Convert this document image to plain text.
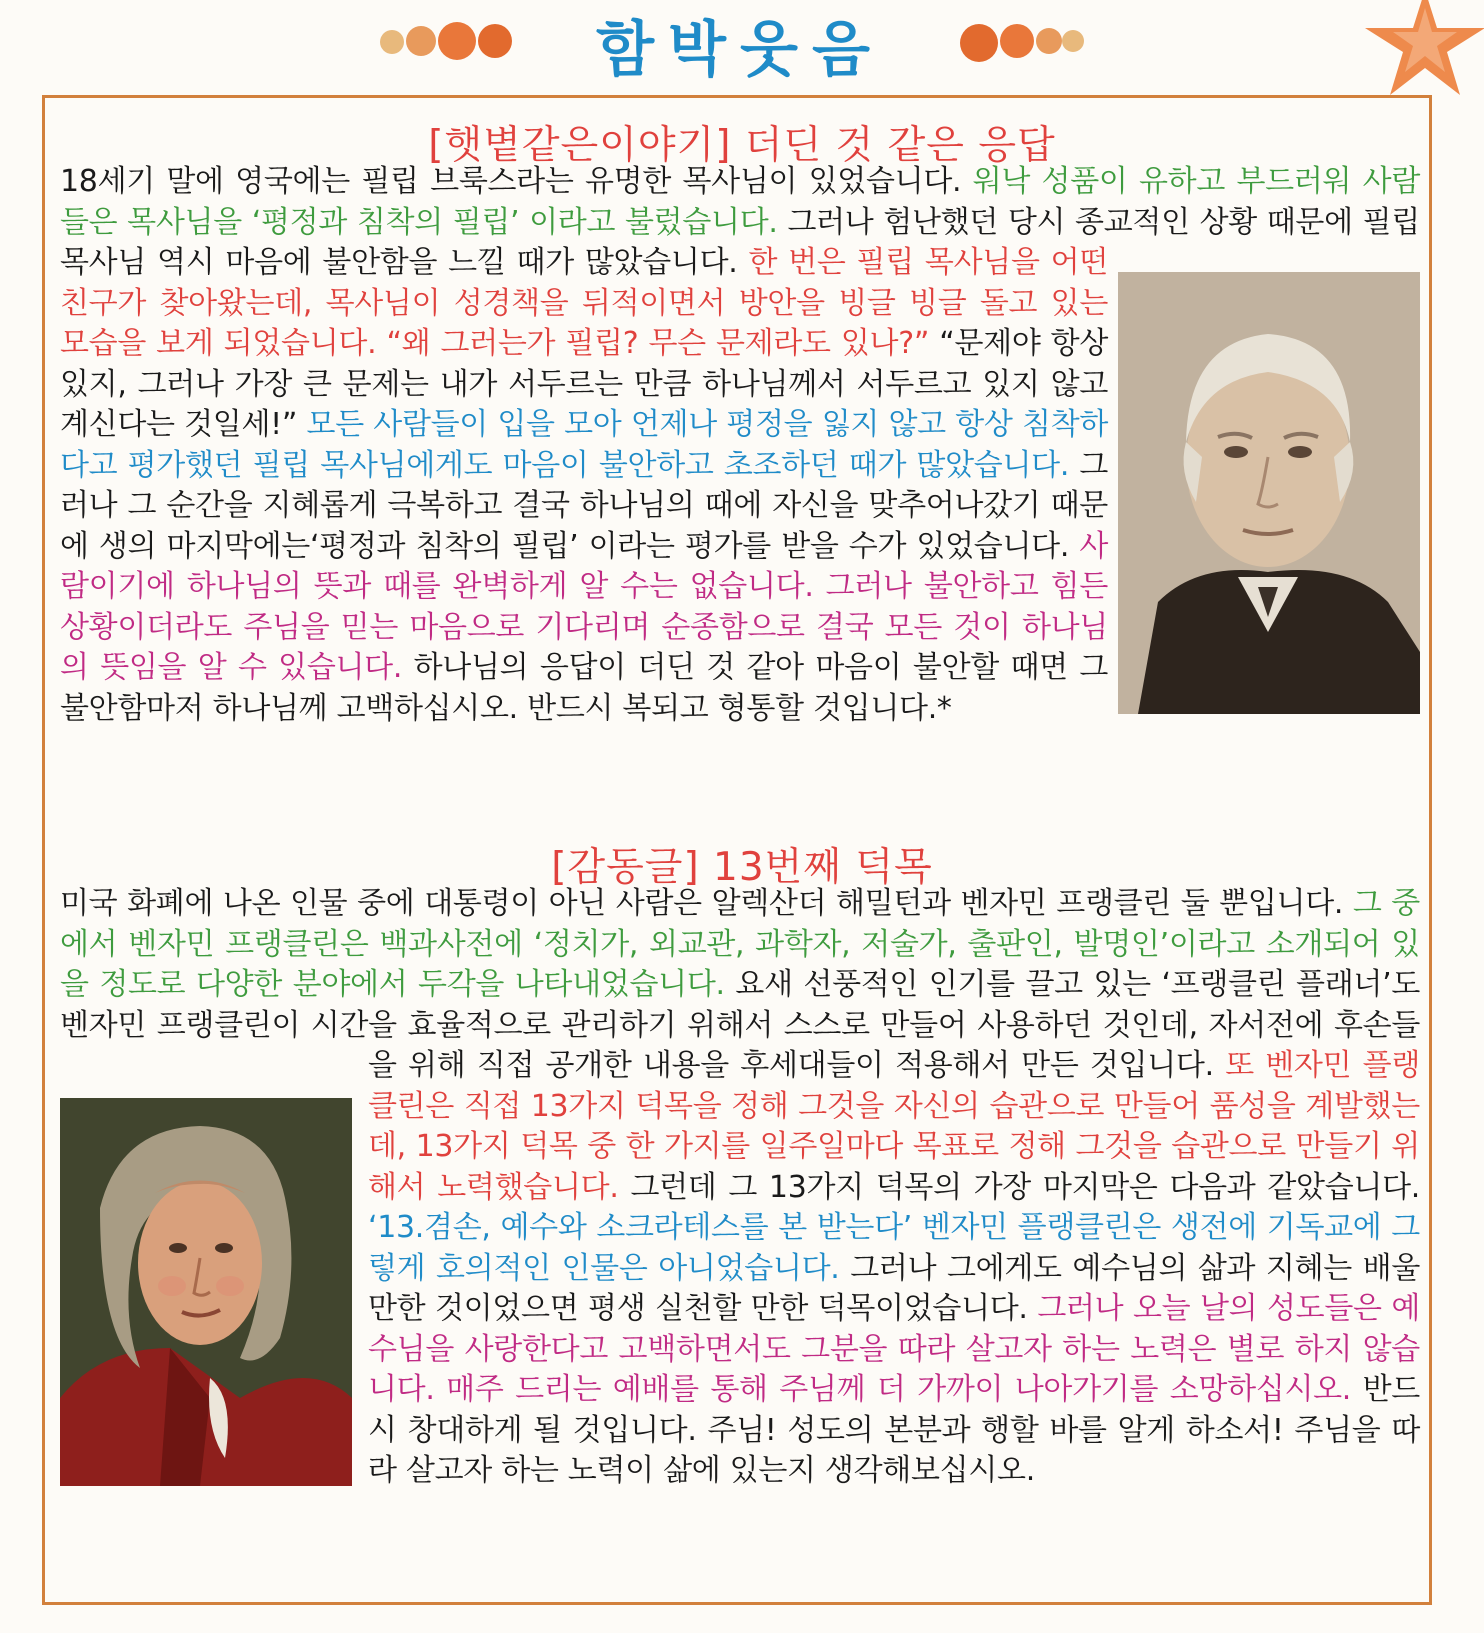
함박웃음
[햇볕같은이야기] 더딘 것 같은 응답
18세기 말에 영국에는 필립 브룩스라는 유명한 목사님이 있었습니다. 워낙 성품이 유하고 부드러워 사람들은 목사님을 ‘평정과 침착의 필립’ 이라고 불렀습니다. 그러나 험난했던 당시 종교적인 상황 때문에 필립 목사님 역시 마음에 불안함을 느낄 때가 많았습니다. 한 번은 필립 목사님을 어떤 친구가 찾아왔는데, 목사님이 성경책을 뒤적이면서 방안을 빙글 빙글 돌고 있는 모습을 보게 되었습니다. “왜 그러는가 필립? 무슨 문제라도 있나?” “문제야 항상 있지, 그러나 가장 큰 문제는 내가 서두르는 만큼 하나님께서 서두르고 있지 않고 계신다는 것일세!” 모든 사람들이 입을 모아 언제나 평정을 잃지 않고 항상 침착하다고 평가했던 필립 목사님에게도 마음이 불안하고 초조하던 때가 많았습니다. 그러나 그 순간을 지혜롭게 극복하고 결국 하나님의 때에 자신을 맞추어나갔기 때문에 생의 마지막에는‘평정과 침착의 필립’ 이라는 평가를 받을 수가 있었습니다. 사람이기에 하나님의 뜻과 때를 완벽하게 알 수는 없습니다. 그러나 불안하고 힘든 상황이더라도 주님을 믿는 마음으로 기다리며 순종함으로 결국 모든 것이 하나님의 뜻임을 알 수 있습니다. 하나님의 응답이 더딘 것 같아 마음이 불안할 때면 그 불안함마저 하나님께 고백하십시오. 반드시 복되고 형통할 것입니다.*
[감동글] 13번째 덕목
미국 화폐에 나온 인물 중에 대통령이 아닌 사람은 알렉산더 해밀턴과 벤자민 프랭클린 둘 뿐입니다. 그 중에서 벤자민 프랭클린은 백과사전에 ‘정치가, 외교관, 과학자, 저술가, 출판인, 발명인’이라고 소개되어 있을 정도로 다양한 분야에서 두각을 나타내었습니다. 요새 선풍적인 인기를 끌고 있는 ‘프랭클린 플래너’도 벤자민 프랭클린이 시간을 효율적으로 관리하기 위해서 스스로 만들어 사용하던 것인데, 자서전에 후손들을 위해 직접 공개한 내용을 후세대들이 적용해서 만든 것입니다. 또 벤자민 플랭클린은 직접 13가지 덕목을 정해 그것을 자신의 습관으로 만들어 품성을 계발했는데, 13가지 덕목 중 한 가지를 일주일마다 목표로 정해 그것을 습관으로 만들기 위해서 노력했습니다. 그런데 그 13가지 덕목의 가장 마지막은 다음과 같았습니다. ‘13.겸손, 예수와 소크라테스를 본 받는다’ 벤자민 플랭클린은 생전에 기독교에 그렇게 호의적인 인물은 아니었습니다. 그러나 그에게도 예수님의 삶과 지혜는 배울만한 것이었으면 평생 실천할 만한 덕목이었습니다. 그러나 오늘 날의 성도들은 예수님을 사랑한다고 고백하면서도 그분을 따라 살고자 하는 노력은 별로 하지 않습니다. 매주 드리는 예배를 통해 주님께 더 가까이 나아가기를 소망하십시오. 반드시 창대하게 될 것입니다. 주님! 성도의 본분과 행할 바를 알게 하소서! 주님을 따라 살고자 하는 노력이 삶에 있는지 생각해보십시오.
